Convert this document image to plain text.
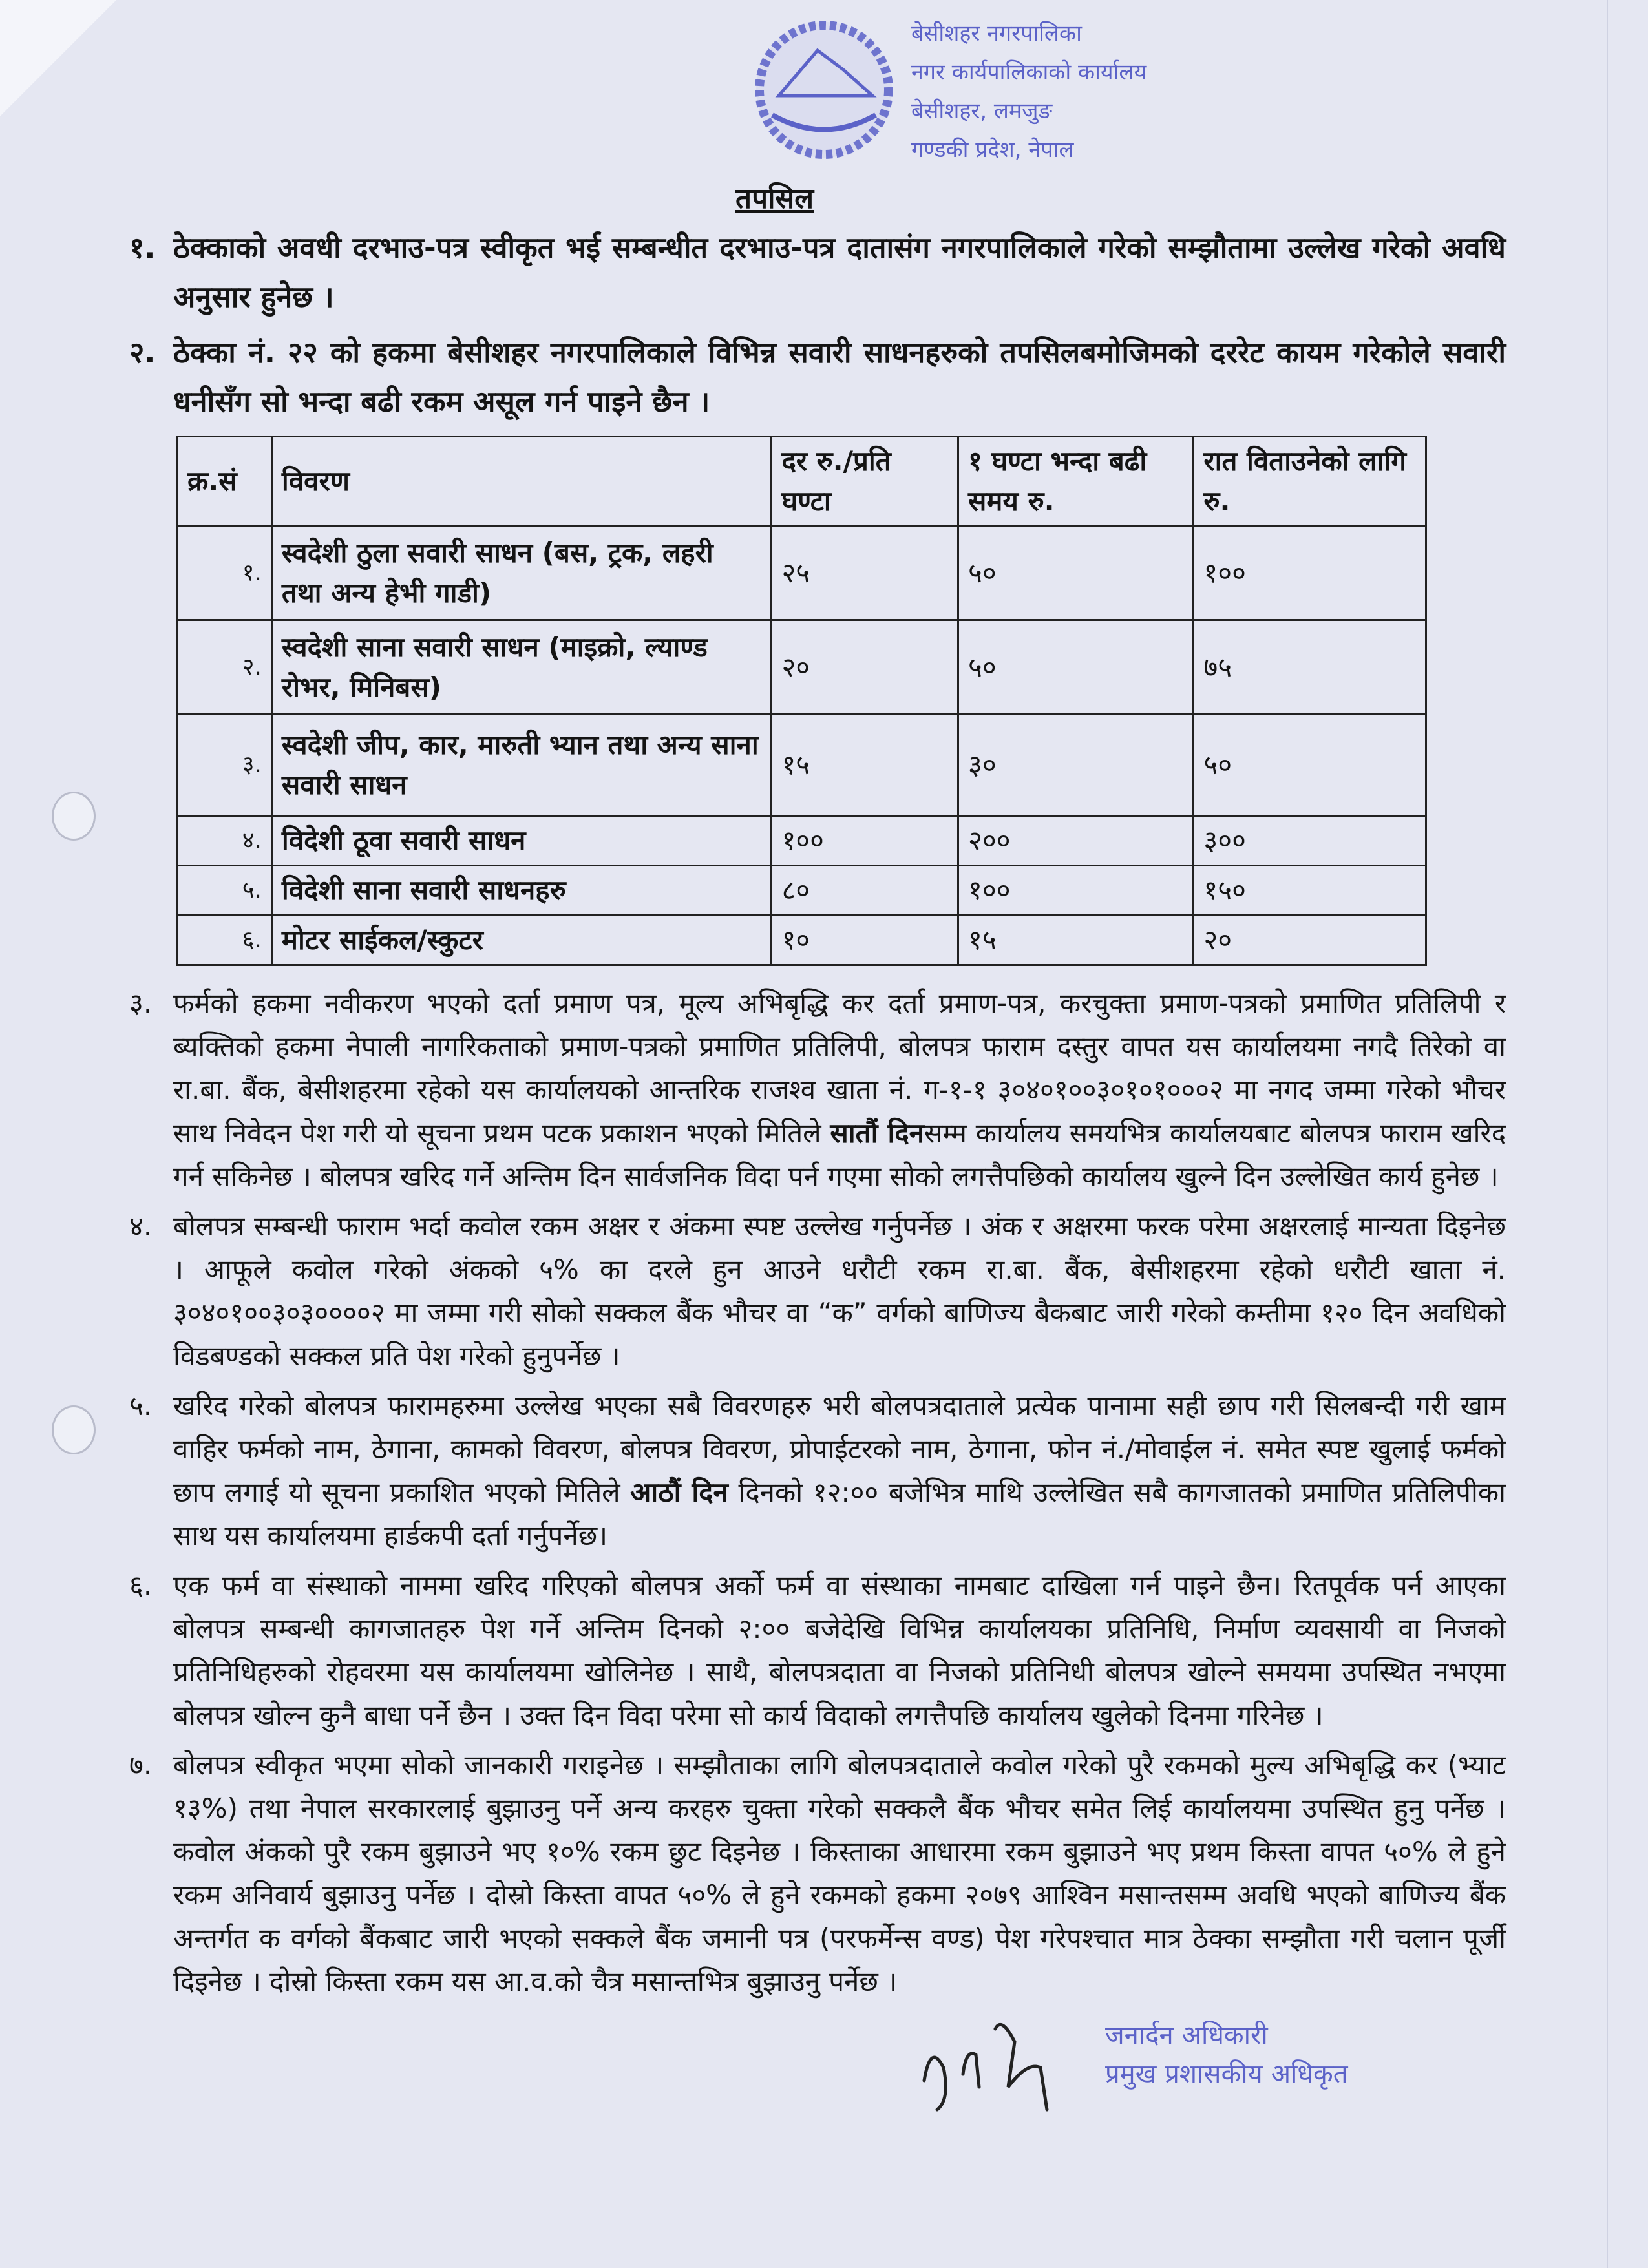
बेसीशहर नगरपालिका
नगर कार्यपालिकाको कार्यालय
बेसीशहर, लमजुङ
गण्डकी प्रदेश, नेपाल
तपसिल
१. ठेक्काको अवधी दरभाउ-पत्र स्वीकृत भई सम्बन्धीत दरभाउ-पत्र दातासंग नगरपालिकाले गरेको सम्झौतामा उल्लेख गरेको अवधि अनुसार हुनेछ ।
२. ठेक्का नं. २२ को हकमा बेसीशहर नगरपालिकाले विभिन्न सवारी साधनहरुको तपसिलबमोजिमको दररेट कायम गरेकोले सवारी धनीसँग सो भन्दा बढी रकम असूल गर्न पाइने छैन ।
क्र.सं	विवरण	दर रु./प्रति घण्टा	१ घण्टा भन्दा बढी समय रु.	रात विताउनेको लागि रु.
१.	स्वदेशी ठुला सवारी साधन (बस, ट्रक, लहरी तथा अन्य हेभी गाडी)	२५	५०	१००
२.	स्वदेशी साना सवारी साधन (माइक्रो, ल्याण्ड रोभर, मिनिबस)	२०	५०	७५
३.	स्वदेशी जीप, कार, मारुती भ्यान तथा अन्य साना सवारी साधन	१५	३०	५०
४.	विदेशी ठूवा सवारी साधन	१००	२००	३००
५.	विदेशी साना सवारी साधनहरु	८०	१००	१५०
६.	मोटर साईकल/स्कुटर	१०	१५	२०
३. फर्मको हकमा नवीकरण भएको दर्ता प्रमाण पत्र, मूल्य अभिबृद्धि कर दर्ता प्रमाण-पत्र, करचुक्ता प्रमाण-पत्रको प्रमाणित प्रतिलिपी र ब्यक्तिको हकमा नेपाली नागरिकताको प्रमाण-पत्रको प्रमाणित प्रतिलिपी, बोलपत्र फाराम दस्तुर वापत यस कार्यालयमा नगदै तिरेको वा रा.बा. बैंक, बेसीशहरमा रहेको यस कार्यालयको आन्तरिक राजश्व खाता नं. ग-१-१ ३०४०१००३०१०१०००२ मा नगद जम्मा गरेको भौचर साथ निवेदन पेश गरी यो सूचना प्रथम पटक प्रकाशन भएको मितिले सातौं दिनसम्म कार्यालय समयभित्र कार्यालयबाट बोलपत्र फाराम खरिद गर्न सकिनेछ । बोलपत्र खरिद गर्ने अन्तिम दिन सार्वजनिक विदा पर्न गएमा सोको लगत्तैपछिको कार्यालय खुल्ने दिन उल्लेखित कार्य हुनेछ ।
४. बोलपत्र सम्बन्धी फाराम भर्दा कवोल रकम अक्षर र अंकमा स्पष्ट उल्लेख गर्नुपर्नेछ । अंक र अक्षरमा फरक परेमा अक्षरलाई मान्यता दिइनेछ । आफूले कवोल गरेको अंकको ५% का दरले हुन आउने धरौटी रकम रा.बा. बैंक, बेसीशहरमा रहेको धरौटी खाता नं. ३०४०१००३०३००००२ मा जम्मा गरी सोको सक्कल बैंक भौचर वा “क” वर्गको बाणिज्य बैकबाट जारी गरेको कम्तीमा १२० दिन अवधिको विडबण्डको सक्कल प्रति पेश गरेको हुनुपर्नेछ ।
५. खरिद गरेको बोलपत्र फारामहरुमा उल्लेख भएका सबै विवरणहरु भरी बोलपत्रदाताले प्रत्येक पानामा सही छाप गरी सिलबन्दी गरी खाम वाहिर फर्मको नाम, ठेगाना, कामको विवरण, बोलपत्र विवरण, प्रोपाईटरको नाम, ठेगाना, फोन नं./मोवाईल नं. समेत स्पष्ट खुलाई फर्मको छाप लगाई यो सूचना प्रकाशित भएको मितिले आठौं दिन दिनको १२:०० बजेभित्र माथि उल्लेखित सबै कागजातको प्रमाणित प्रतिलिपीका साथ यस कार्यालयमा हार्डकपी दर्ता गर्नुपर्नेछ।
६. एक फर्म वा संस्थाको नाममा खरिद गरिएको बोलपत्र अर्को फर्म वा संस्थाका नामबाट दाखिला गर्न पाइने छैन। रितपूर्वक पर्न आएका बोलपत्र सम्बन्धी कागजातहरु पेश गर्ने अन्तिम दिनको २:०० बजेदेखि विभिन्न कार्यालयका प्रतिनिधि, निर्माण व्यवसायी वा निजको प्रतिनिधिहरुको रोहवरमा यस कार्यालयमा खोलिनेछ । साथै, बोलपत्रदाता वा निजको प्रतिनिधी बोलपत्र खोल्ने समयमा उपस्थित नभएमा बोलपत्र खोल्न कुनै बाधा पर्ने छैन । उक्त दिन विदा परेमा सो कार्य विदाको लगत्तैपछि कार्यालय खुलेको दिनमा गरिनेछ ।
७. बोलपत्र स्वीकृत भएमा सोको जानकारी गराइनेछ । सम्झौताका लागि बोलपत्रदाताले कवोल गरेको पुरै रकमको मुल्य अभिबृद्धि कर (भ्याट १३%) तथा नेपाल सरकारलाई बुझाउनु पर्ने अन्य करहरु चुक्ता गरेको सक्कलै बैंक भौचर समेत लिई कार्यालयमा उपस्थित हुनु पर्नेछ । कवोल अंकको पुरै रकम बुझाउने भए १०% रकम छुट दिइनेछ । किस्ताका आधारमा रकम बुझाउने भए प्रथम किस्ता वापत ५०% ले हुने रकम अनिवार्य बुझाउनु पर्नेछ । दोस्रो किस्ता वापत ५०% ले हुने रकमको हकमा २०७९ आश्विन मसान्तसम्म अवधि भएको बाणिज्य बैंक अन्तर्गत क वर्गको बैंकबाट जारी भएको सक्कले बैंक जमानी पत्र (परफर्मेन्स वण्ड) पेश गरेपश्चात मात्र ठेक्का सम्झौता गरी चलान पूर्जी दिइनेछ । दोस्रो किस्ता रकम यस आ.व.को चैत्र मसान्तभित्र बुझाउनु पर्नेछ ।
जनार्दन अधिकारी
प्रमुख प्रशासकीय अधिकृत
